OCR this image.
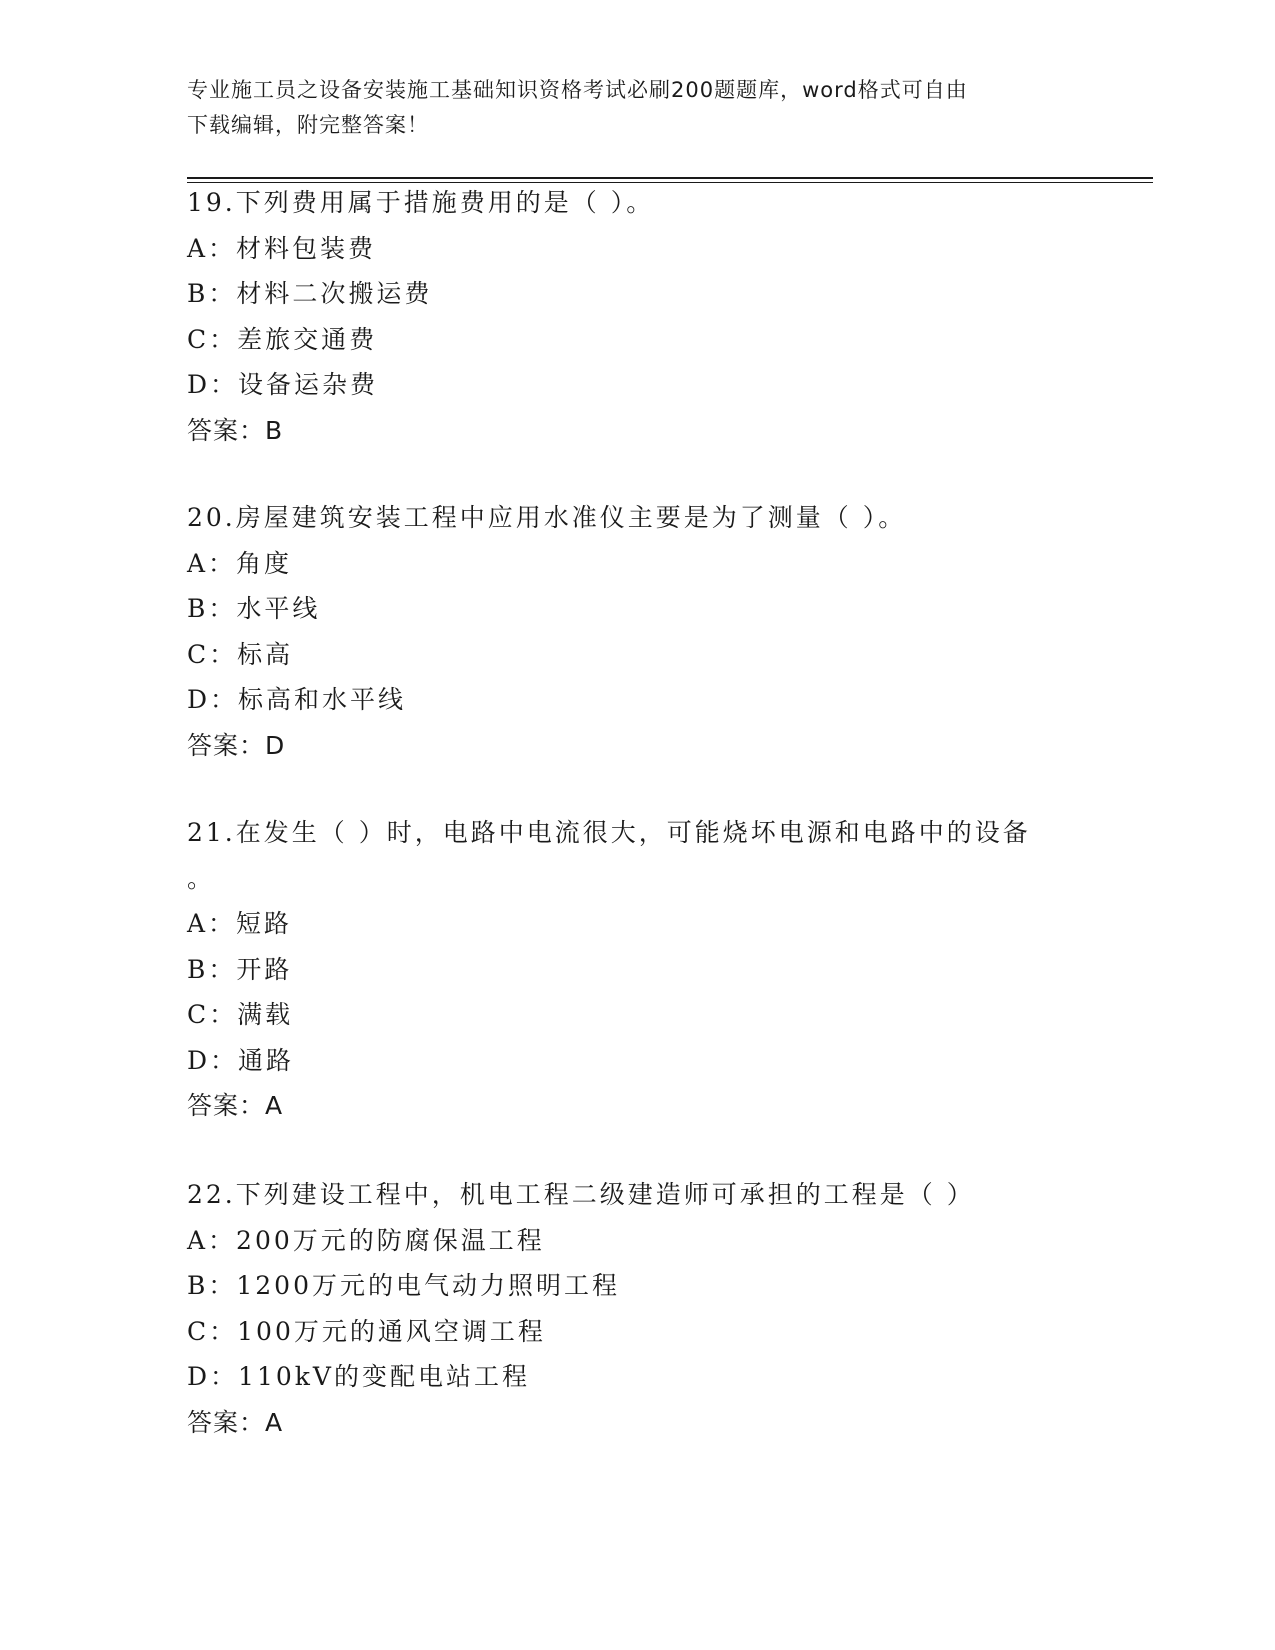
专业施工员之设备安装施工基础知识资格考试必刷200题题库，word格式可自由
下载编辑，附完整答案！
19.下列费用属于措施费用的是（ ）。
A：材料包装费
B：材料二次搬运费
C：差旅交通费
D：设备运杂费
答案：B
20.房屋建筑安装工程中应用水准仪主要是为了测量（ ）。
A：角度
B：水平线
C：标高
D：标高和水平线
答案：D
21.在发生（ ）时，电路中电流很大，可能烧坏电源和电路中的设备
。
A：短路
B：开路
C：满载
D：通路
答案：A
22.下列建设工程中，机电工程二级建造师可承担的工程是（ ）
A：200万元的防腐保温工程
B：1200万元的电气动力照明工程
C：100万元的通风空调工程
D：110kV的变配电站工程
答案：A
